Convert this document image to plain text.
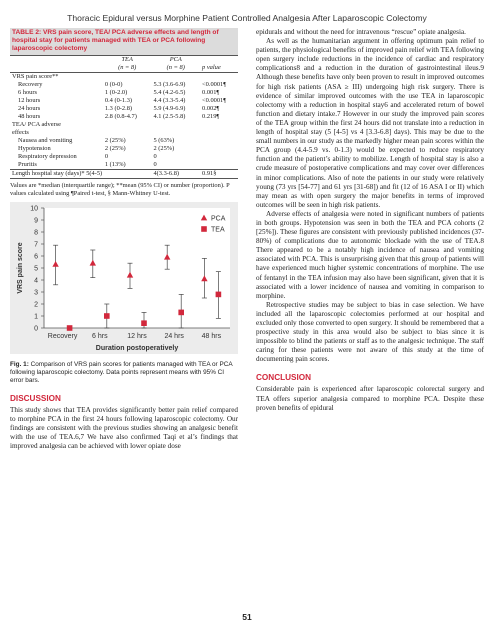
Thoracic Epidural versus Morphine Patient Controlled Analgesia After Laparoscopic Colectomy
TABLE 2: VRS pain score, TEA/ PCA adverse effects and length of hospital stay for patients managed with TEA or PCA following laparoscopic colectomy
	TEA	PCA	
	(n = 8)	(n = 8)	p value
VRS pain score**			
Recovery	0 (0-0)	5.3 (3.6-6.9)	<0.0001¶
6 hours	1 (0-2.0)	5.4 (4.2-6.5)	0.001¶
12 hours	0.4 (0-1.3)	4.4 (3.3-5.4)	<0.0001¶
24 hours	1.3 (0-2.8)	5.9 (4.9-6.9)	0.002¶
48 hours	2.8 (0.8-4.7)	4.1 (2.5-5.8)	0.219¶
TEA/ PCA adverse			
effects			
Nausea and vomiting	2 (25%)	5 (63%)	
Hypotension	2 (25%)	2 (25%)	
Respiratory depression	0	0	
Pruritis	1 (13%)	0	
Length hospital stay (days)* 5(4-5)		4(3.3-6.8)	0.91§
Values are *median (interquartile range); **mean (95% CI) or number (proportion). P values calculated using ¶Paired t-test, § Mann-Whitney U-test.
0
1
2
3
4
5
6
7
8
9
10
Recovery 6 hrs	12 hrs	24 hrs	48 hrs
Duration postoperatively
VRS pain score
PCA
TEA
Fig. 1: Comparison of VRS pain scores for patients managed with TEA or PCA following laparoscopic colectomy. Data points represent means with 95% CI error bars.
DISCUSSION

This study shows that TEA provides significantly better pain relief compared to morphine PCA in the first 24 hours following laparoscopic colectomy. Our findings are consistent with the previous studies showing an analgesic benefit with the use of TEA.6,7 We have also confirmed Taqi et al’s findings that improved analgesia can be achieved with lower opiate dose

epidurals and without the need for intravenous “rescue” opiate analgesia.

As well as the humanitarian argument in offering optimum pain relief to patients, the physiological benefits of improved pain relief with TEA following open surgery include reductions in the incidence of cardiac and respiratory complications8 and a reduction in the duration of gastrointestinal ileus.9 Although these benefits have only been proven to result in improved outcomes for high risk patients (ASA ≥ III) undergoing high risk surgery. There is evidence of similar improved outcomes with the use TEA in laparoscopic colectomy with a reduction in hospital stay6 and accelerated return of bowel function and dietary intake.7 However in our study the improved pain scores of the TEA group within the first 24 hours did not translate into a reduction in length of hospital stay (5 [4-5] vs 4 [3.3-6.8] days). This may be due to the small numbers in our study as the markedly higher mean pain scores within the PCA group (4.4-5.9 vs. 0-1.3) would be expected to reduce respiratory function and the patient’s ability to mobilize. Length of hospital stay is also a crude measure of postoperative complications and may cover over differences in minor complications. Also of note the patients in our study were relatively young (73 yrs [54-77] and 61 yrs [31-68]) and fit (12 of 16 ASA I or II) which may mean as with open surgery the major benefits in terms of improved outcomes will be seen in high risk patients.

Adverse effects of analgesia were noted in significant numbers of patients in both groups. Hypotension was seen in both the TEA and PCA cohorts (2 [25%]). These figures are consistent with previously published incidences (37-80%) of complications due to autonomic blockade with the use of TEA.8 There appeared to be a notably high incidence of nausea and vomiting associated with PCA. This is unsurprising given that this group of patients will have experienced much higher systemic concentrations of morphine. The use of fentanyl in the TEA infusion may also have been significant, given that it is associated with a lower incidence of nausea and vomiting in comparison to morphine.

Retrospective studies may be subject to bias in case selection. We have included all the laparoscopic colectomies performed at our hospital and excluded only those converted to open surgery. It should be remembered that a prospective study in this area would also be subject to bias since it is impossible to blind the patients or staff as to the analgesic technique. The staff caring for these patients were not aware of this study at the time of documenting pain scores.

CONCLUSION

Considerable pain is experienced after laparoscopic colorectal surgery and TEA offers superior analgesia compared to morphine PCA. Despite these proven benefits of epidural

51
